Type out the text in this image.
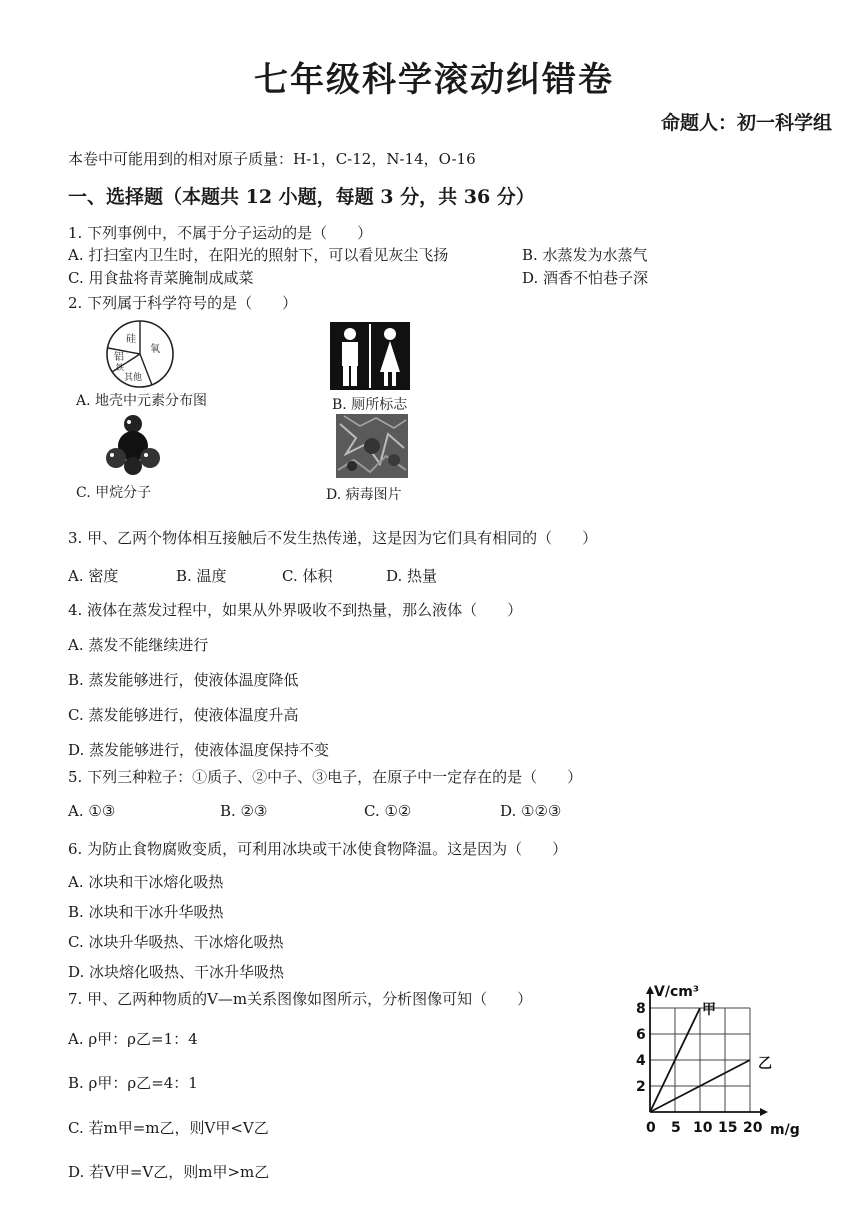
七年级科学滚动纠错卷
命题人：初一科学组
本卷中可能用到的相对原子质量：H-1，C-12，N-14，O-16
一、选择题（本题共 12 小题，每题 3 分，共 36 分）
1. 下列事例中，不属于分子运动的是（　　）
A. 打扫室内卫生时，在阳光的照射下，可以看见灰尘飞扬	B. 水蒸发为水蒸气
C. 用食盐将青菜腌制成咸菜	D. 酒香不怕巷子深
2. 下列属于科学符号的是（　　）
硅
氧
铝
铁
其他
A. 地壳中元素分布图	B. 厕所标志
C. 甲烷分子	D. 病毒图片
3. 甲、乙两个物体相互接触后不发生热传递，这是因为它们具有相同的（　　）
A. 密度	B. 温度	C. 体积	D. 热量
4. 液体在蒸发过程中，如果从外界吸收不到热量，那么液体（　　）
A. 蒸发不能继续进行
B. 蒸发能够进行，使液体温度降低
C. 蒸发能够进行，使液体温度升高
D. 蒸发能够进行，使液体温度保持不变
5. 下列三种粒子：①质子、②中子、③电子，在原子中一定存在的是（　　）
A. ①③	B. ②③	C. ①②	D. ①②③
6. 为防止食物腐败变质，可利用冰块或干冰使食物降温。这是因为（　　）
A. 冰块和干冰熔化吸热
B. 冰块和干冰升华吸热
C. 冰块升华吸热、干冰熔化吸热
D. 冰块熔化吸热、干冰升华吸热
7. 甲、乙两种物质的V—m关系图像如图所示，分析图像可知（　　）
A. ρ甲：ρ乙=1：4
B. ρ甲：ρ乙=4：1
C. 若m甲=m乙，则V甲<V乙
D. 若V甲=V乙，则m甲>m乙
V/cm³
m/g
0 5 10 15 20
2
4
6
8	甲
乙
